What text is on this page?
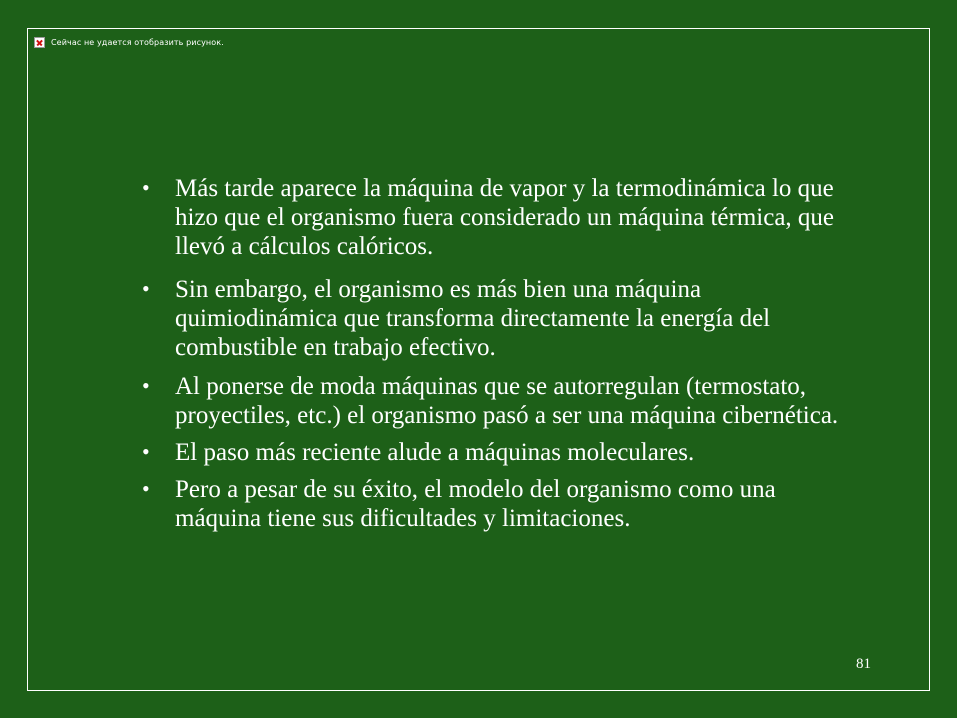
Сейчас не удается отобразить рисунок.
• Más tarde aparece la máquina de vapor y la termodinámica lo que hizo que el organismo fuera considerado un máquina térmica, que llevó a cálculos calóricos.
• Sin embargo, el organismo es más bien una máquina quimiodinámica que transforma directamente la energía del combustible en trabajo efectivo.
• Al ponerse de moda máquinas que se autorregulan (termostato, proyectiles, etc.) el organismo pasó a ser una máquina cibernética.
• El paso más reciente alude a máquinas moleculares.
• Pero a pesar de su éxito, el modelo del organismo como una máquina tiene sus dificultades y limitaciones.
81
